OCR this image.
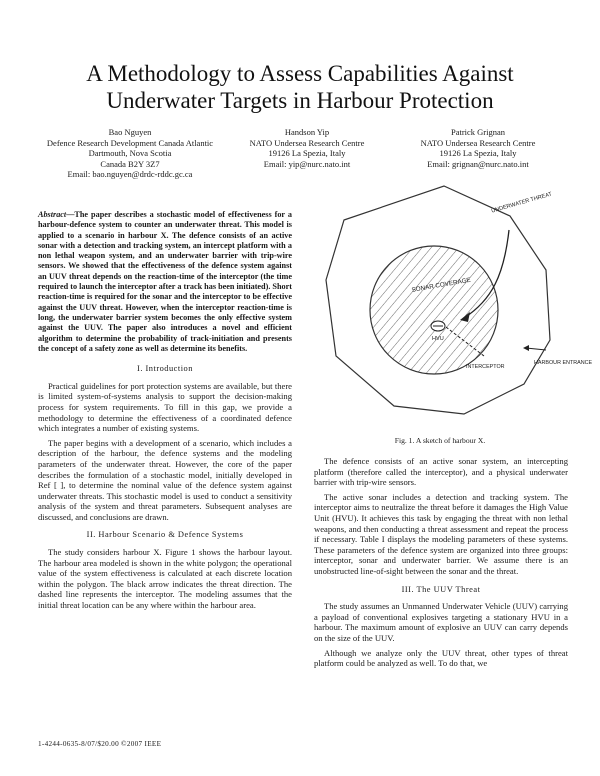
A Methodology to Assess Capabilities Against
Underwater Targets in Harbour Protection
Bao Nguyen
Defence Research Development Canada Atlantic
Dartmouth, Nova Scotia
Canada B2Y 3Z7
Email: bao.nguyen@drdc-rddc.gc.ca
Handson Yip
NATO Undersea Research Centre
19126 La Spezia, Italy
Email: yip@nurc.nato.int
Patrick Grignan
NATO Undersea Research Centre
19126 La Spezia, Italy
Email: grignan@nurc.nato.int
Abstract—The paper describes a stochastic model of effectiveness for a harbour-defence system to counter an underwater threat. This model is applied to a scenario in harbour X. The defence consists of an active sonar with a detection and tracking system, an intercept platform with a non lethal weapon system, and an underwater barrier with trip-wire sensors. We showed that the effectiveness of the defence system against an UUV threat depends on the reaction-time of the interceptor (the time required to launch the interceptor after a track has been initiated). Short reaction-time is required for the sonar and the interceptor to be effective against the UUV threat. However, when the interceptor reaction-time is long, the underwater barrier system becomes the only effective system against the UUV. The paper also introduces a novel and efficient algorithm to determine the probability of track-initiation and presents the concept of a safety zone as well as determine its benefits.
I. Introduction

Practical guidelines for port protection systems are available, but there is limited system-of-systems analysis to support the decision-making process for system requirements. To fill in this gap, we provide a methodology to determine the effectiveness of a coordinated defence which integrates a number of existing systems.

The paper begins with a development of a scenario, which includes a description of the harbour, the defence systems and the modeling parameters of the underwater threat. However, the core of the paper describes the formulation of a stochastic model, initially developed in Ref [ ], to determine the nominal value of the defence system against underwater threats. This stochastic model is used to conduct a sensitivity analysis of the system and threat parameters. Subsequent analyses are discussed, and conclusions are drawn.

II. Harbour Scenario & Defence Systems

The study considers harbour X. Figure 1 shows the harbour layout. The harbour area modeled is shown in the white polygon; the operational value of the system effectiveness is calculated at each discrete location within the polygon. The black arrow indicates the threat direction. The dashed line represents the interceptor. The modeling assumes that the initial threat location can be any where within the harbour area.

UNDERWATER THREAT
SONAR COVERAGE
HVU
INTERCEPTOR
HARBOUR ENTRANCE
Fig. 1. A sketch of harbour X.

The defence consists of an active sonar system, an intercepting platform (therefore called the interceptor), and a physical underwater barrier with trip-wire sensors.

The active sonar includes a detection and tracking system. The interceptor aims to neutralize the threat before it damages the High Value Unit (HVU). It achieves this task by engaging the threat with non lethal weapons, and then conducting a threat assessment and repeat the process if necessary. Table I displays the modeling parameters of these systems. These parameters of the defence system are organized into three groups: interceptor, sonar and underwater barrier. We assume there is an unobstructed line-of-sight between the sonar and the threat.

III. The UUV Threat

The study assumes an Unmanned Underwater Vehicle (UUV) carrying a payload of conventional explosives targeting a stationary HVU in a harbour. The maximum amount of explosive an UUV can carry depends on the size of the UUV.

Although we analyze only the UUV threat, other types of threat platform could be analyzed as well. To do that, we

1-4244-0635-8/07/$20.00 ©2007 IEEE
